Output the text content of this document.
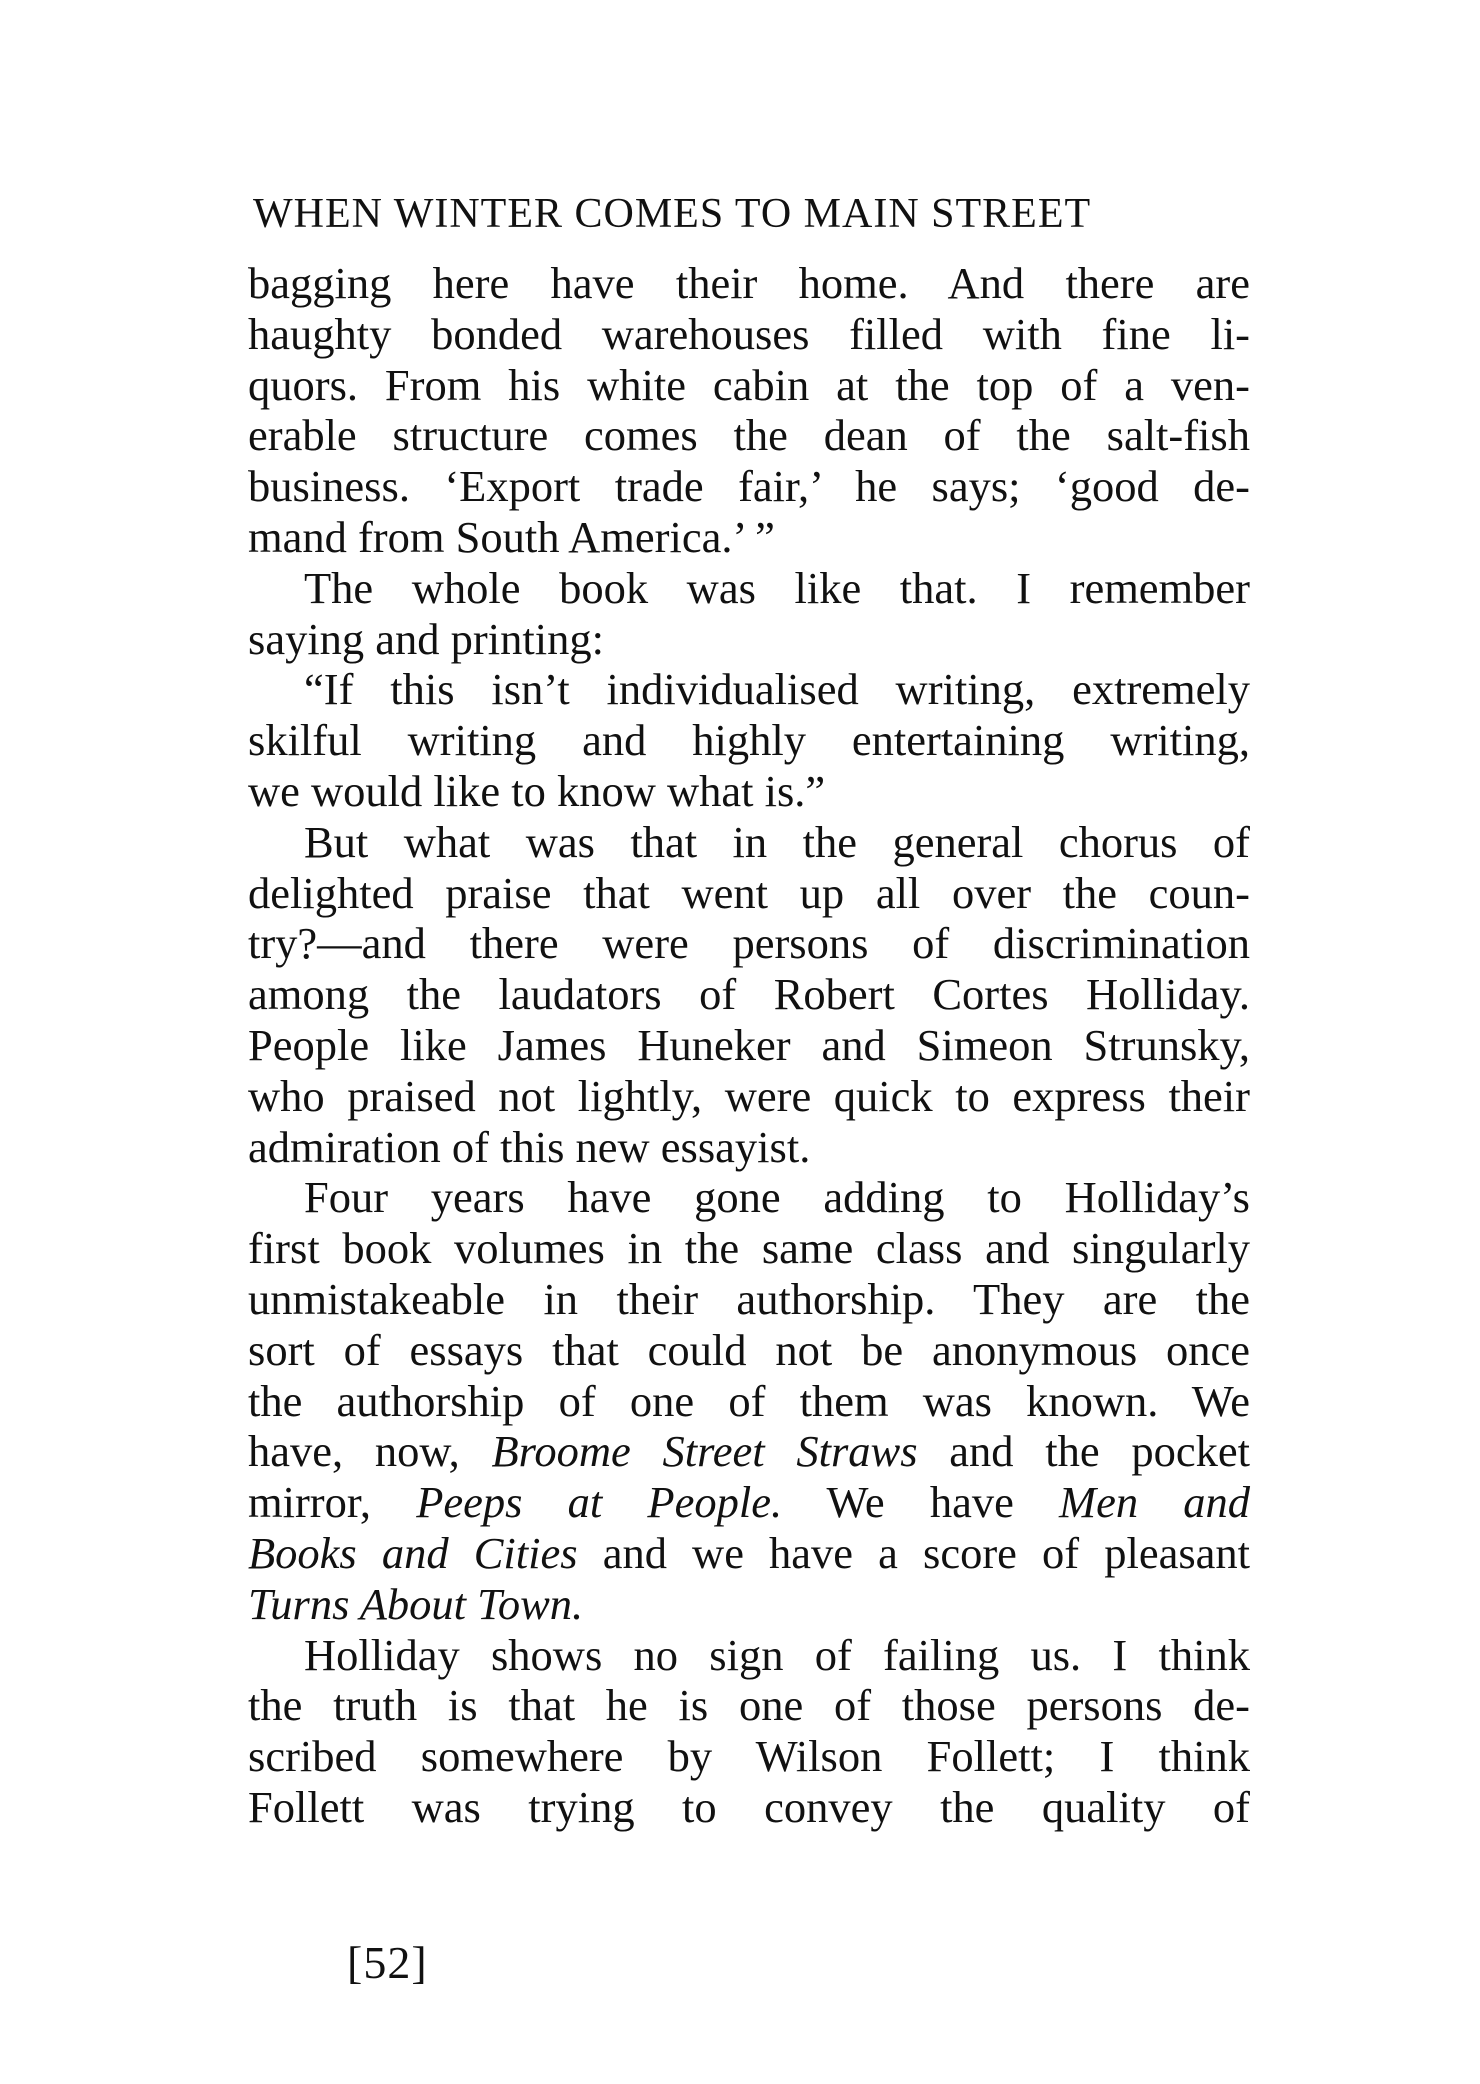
WHEN WINTER COMES TO MAIN STREET
bagging here have their home. And there are
haughty bonded warehouses filled with fine li-
quors. From his white cabin at the top of a ven-
erable structure comes the dean of the salt-fish
business. ‘Export trade fair,’ he says; ‘good de-
mand from South America.’ ”
The whole book was like that. I remember
saying and printing:
“If this isn’t individualised writing, extremely
skilful writing and highly entertaining writing,
we would like to know what is.”
But what was that in the general chorus of
delighted praise that went up all over the coun-
try?—and there were persons of discrimination
among the laudators of Robert Cortes Holliday.
People like James Huneker and Simeon Strunsky,
who praised not lightly, were quick to express their
admiration of this new essayist.
Four years have gone adding to Holliday’s
first book volumes in the same class and singularly
unmistakeable in their authorship. They are the
sort of essays that could not be anonymous once
the authorship of one of them was known. We
have, now, Broome Street Straws and the pocket
mirror, Peeps at People. We have Men and
Books and Cities and we have a score of pleasant
Turns About Town.
Holliday shows no sign of failing us. I think
the truth is that he is one of those persons de-
scribed somewhere by Wilson Follett; I think
Follett was trying to convey the quality of
[52]
